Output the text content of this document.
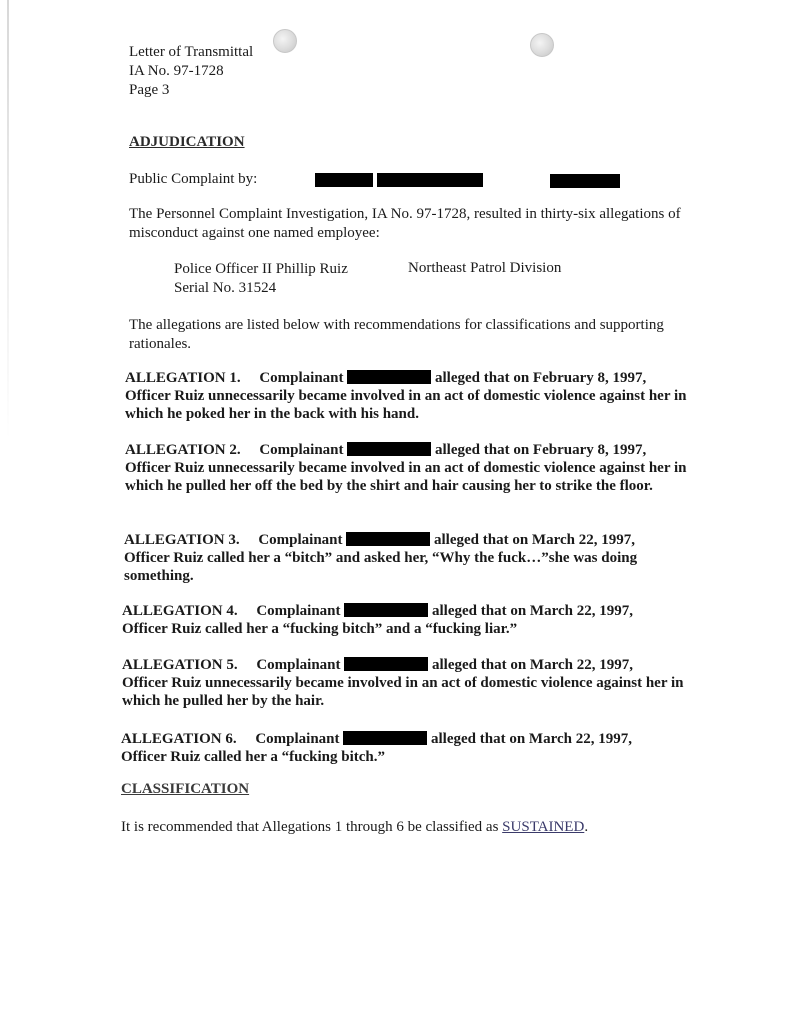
Letter of Transmittal
IA No. 97-1728
Page 3
ADJUDICATION
Public Complaint by:
The Personnel Complaint Investigation, IA No. 97-1728, resulted in thirty-six allegations of misconduct against one named employee:
Police Officer II Phillip Ruiz
Serial No. 31524
Northeast Patrol Division
The allegations are listed below with recommendations for classifications and supporting rationales.
ALLEGATION 1. Complainant	alleged that on February 8, 1997,
Officer Ruiz unnecessarily became involved in an act of domestic violence against her in which he poked her in the back with his hand.
ALLEGATION 2. Complainant	alleged that on February 8, 1997,
Officer Ruiz unnecessarily became involved in an act of domestic violence against her in which he pulled her off the bed by the shirt and hair causing her to strike the floor.
ALLEGATION 3. Complainant	alleged that on March 22, 1997,
Officer Ruiz called her a “bitch” and asked her, “Why the fuck…”she was doing something.
ALLEGATION 4. Complainant	alleged that on March 22, 1997,
Officer Ruiz called her a “fucking bitch” and a “fucking liar.”
ALLEGATION 5. Complainant	alleged that on March 22, 1997,
Officer Ruiz unnecessarily became involved in an act of domestic violence against her in which he pulled her by the hair.
ALLEGATION 6. Complainant	alleged that on March 22, 1997,
Officer Ruiz called her a “fucking bitch.”
CLASSIFICATION
It is recommended that Allegations 1 through 6 be classified as SUSTAINED.
